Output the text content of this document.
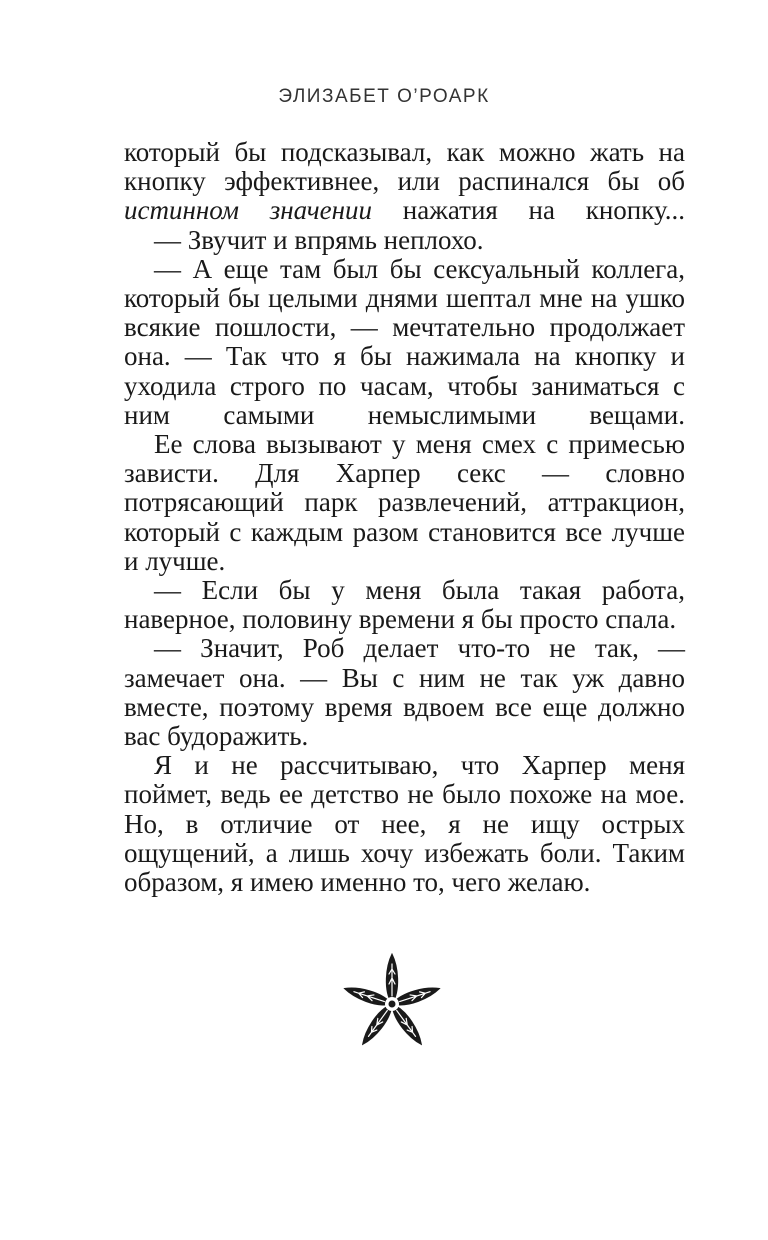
ЭЛИЗАБЕТ О’РОАРК

который бы подсказывал, как можно жать на кнопку эффективнее, или распинался бы об истинном значении нажатия на кнопку...

— Звучит и впрямь неплохо.

— А еще там был бы сексуальный коллега, который бы целыми днями шептал мне на ушко всякие пошлости, — мечтательно продолжает она. — Так что я бы нажимала на кнопку и уходила строго по часам, чтобы заниматься с ним самыми немыслимыми вещами.

Ее слова вызывают у меня смех с примесью зависти. Для Харпер секс — словно потрясающий парк развлечений, аттракцион, который с каждым разом становится все лучше и лучше.

— Если бы у меня была такая работа, наверное, половину времени я бы просто спала.

— Значит, Роб делает что-то не так, — замечает она. — Вы с ним не так уж давно вместе, поэтому время вдвоем все еще должно вас будоражить.

Я и не рассчитываю, что Харпер меня поймет, ведь ее детство не было похоже на мое. Но, в отличие от нее, я не ищу острых ощущений, а лишь хочу избежать боли. Таким образом, я имею именно то, чего желаю.
